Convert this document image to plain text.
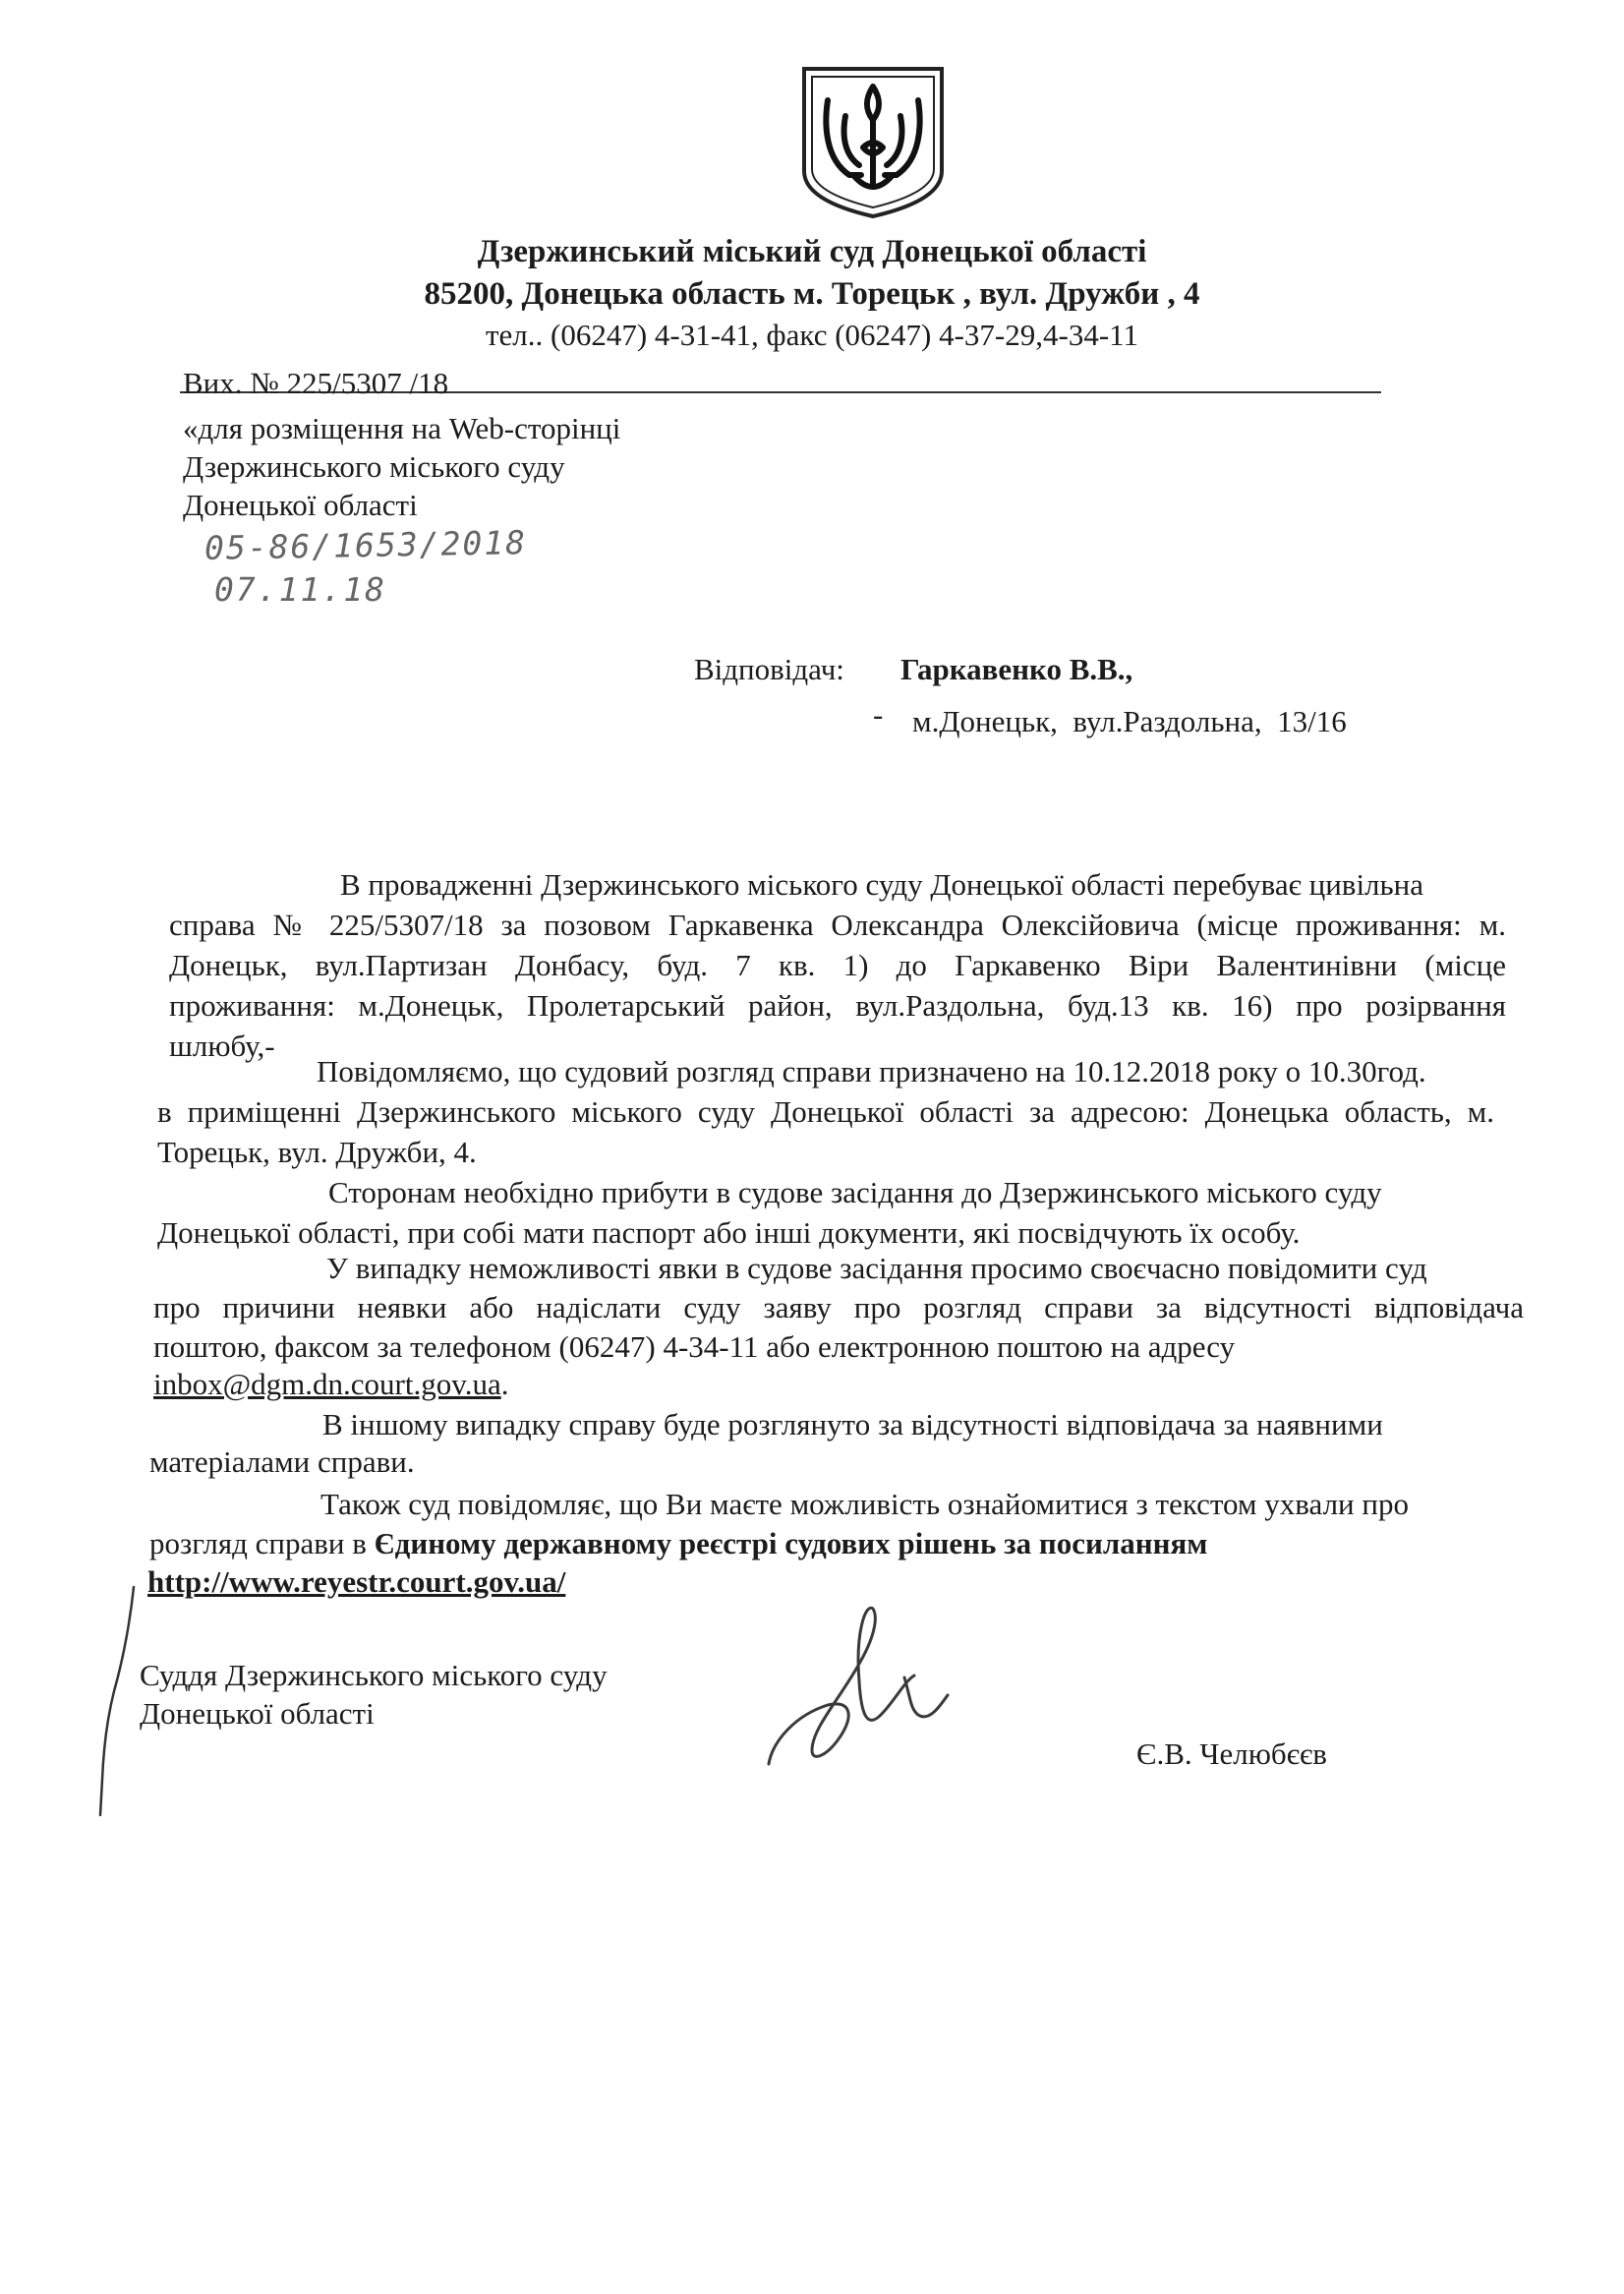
Дзержинський міський суд Донецької області
85200, Донецька область м. Торецьк , вул. Дружби , 4
тел.. (06247) 4-31-41, факс (06247) 4-37-29,4-34-11
Вих. № 225/5307 /18
«для розміщення на Web-сторінці
Дзержинського міського суду
Донецької області
05-86/1653/2018
07.11.18
Відповідач: Гаркавенко В.В.,
- м.Донецьк,  вул.Раздольна,  13/16
В провадженні Дзержинського міського суду Донецької області перебуває цивільна
справа № 225/5307/18 за позовом Гаркавенка Олександра Олексійовича (місце проживання: м.
Донецьк, вул.Партизан Донбасу, буд. 7 кв. 1) до Гаркавенко Віри Валентинівни (місце
проживання: м.Донецьк, Пролетарський район, вул.Раздольна, буд.13 кв. 16) про розірвання
шлюбу,-
Повідомляємо, що судовий розгляд справи призначено на 10.12.2018 року о 10.30год.
в приміщенні Дзержинського міського суду Донецької області за адресою: Донецька область, м.
Торецьк, вул. Дружби, 4.
Сторонам необхідно прибути в судове засідання до Дзержинського міського суду
Донецької області, при собі мати паспорт або інші документи, які посвідчують їх особу.
У випадку неможливості явки в судове засідання просимо своєчасно повідомити суд
про причини неявки або надіслати суду заяву про розгляд справи за відсутності відповідача
поштою, факсом за телефоном (06247) 4-34-11 або електронною поштою на адресу
inbox@dgm.dn.court.gov.ua.
В іншому випадку справу буде розглянуто за відсутності відповідача за наявними
матеріалами справи.
Також суд повідомляє, що Ви маєте можливість ознайомитися з текстом ухвали про
розгляд справи в Єдиному державному реєстрі судових рішень за посиланням
http://www.reyestr.court.gov.ua/
Суддя Дзержинського міського суду
Донецької області
Є.В. Челюбєєв
